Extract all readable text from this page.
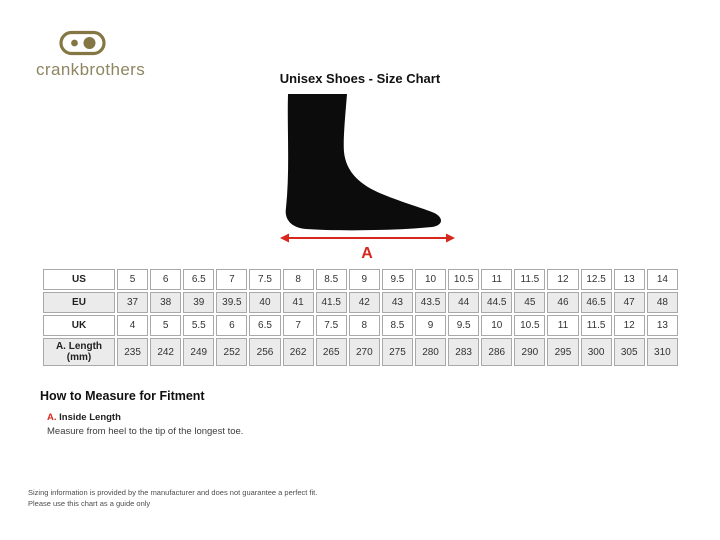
crankbrothers	Unisex Shoes - Size Chart
A
US	5	6	6.5	7	7.5	8	8.5	9	9.5	10	10.5	11	11.5	12	12.5	13	14
EU	37	38	39	39.5	40	41	41.5	42	43	43.5	44	44.5	45	46	46.5	47	48
UK	4	5	5.5	6	6.5	7	7.5	8	8.5	9	9.5	10	10.5	11	11.5	12	13
A. Length (mm)	235	242	249	252	256	262	265	270	275	280	283	286	290	295	300	305	310
How to Measure for Fitment

A. Inside Length

Measure from heel to the tip of the longest toe.

Sizing information is provided by the manufacturer and does not guarantee a perfect fit.
Please use this chart as a guide only
